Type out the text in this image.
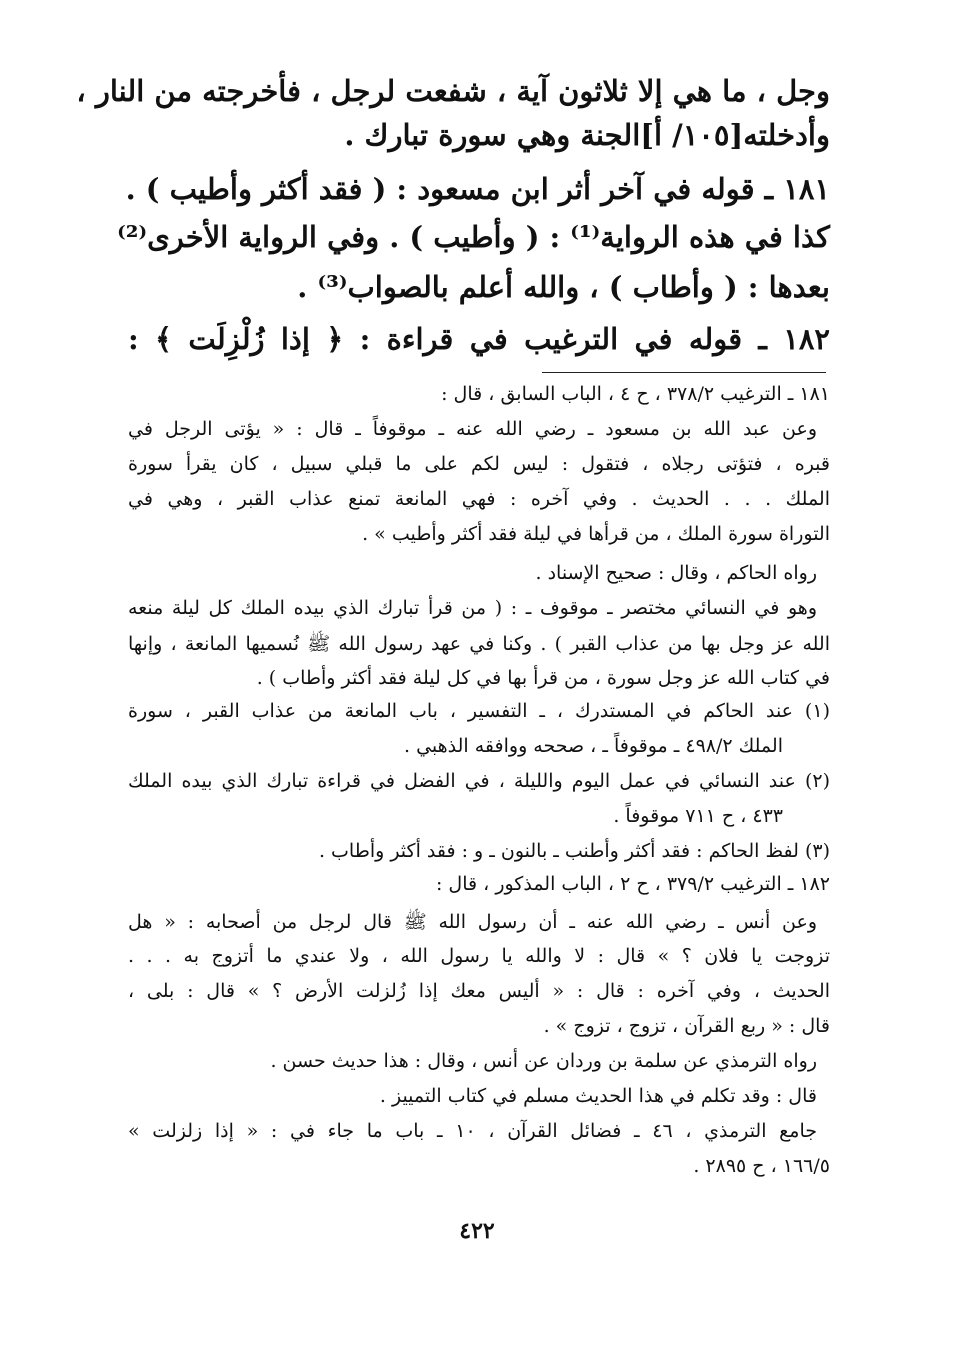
وجل ، ما هي إلا ثلاثون آية ، شفعت لرجل ، فأخرجته من النار ،
وأدخلته[١٠٥/ أ]الجنة وهي سورة تبارك .
١٨١ ـ قوله في آخر أثر ابن مسعود : ( فقد أكثر وأطيب ) .
كذا في هذه الرواية⁽¹⁾ : ( وأطيب ) . وفي الرواية الأخرى⁽²⁾
بعدها : ( وأطاب ) ، والله أعلم بالصواب⁽³⁾ .
١٨٢ ـ قوله في الترغيب في قراءة : ﴿ إذا زُلْزِلَت ﴾ :
١٨١ ـ الترغيب ٣٧٨/٢ ، ح ٤ ، الباب السابق ، قال :
وعن عبد الله بن مسعود ـ رضي الله عنه ـ موقوفاً ـ قال : « يؤتى الرجل في
قبره ، فتؤتى رجلاه ، فتقول : ليس لكم على ما قبلي سبيل ، كان يقرأ سورة
الملك . . . الحديث . وفي آخره : فهي المانعة تمنع عذاب القبر ، وهي في
التوراة سورة الملك ، من قرأها في ليلة فقد أكثر وأطيب » .
رواه الحاكم ، وقال : صحيح الإسناد .
وهو في النسائي مختصر ـ موقوف ـ : ( من قرأ تبارك الذي بيده الملك كل ليلة منعه
الله عز وجل بها من عذاب القبر ) . وكنا في عهد رسول الله ﷺ نُسميها المانعة ، وإنها
في كتاب الله عز وجل سورة ، من قرأ بها في كل ليلة فقد أكثر وأطاب ) .
(١) عند الحاكم في المستدرك ، ـ التفسير ، باب المانعة من عذاب القبر ، سورة
الملك ٤٩٨/٢ ـ موقوفاً ـ ، صححه ووافقه الذهبي .
(٢) عند النسائي في عمل اليوم والليلة ، في الفضل في قراءة تبارك الذي بيده الملك
٤٣٣ ، ح ٧١١ موقوفاً .
(٣) لفظ الحاكم : فقد أكثر وأطنب ـ بالنون ـ و : فقد أكثر وأطاب .
١٨٢ ـ الترغيب ٣٧٩/٢ ، ح ٢ ، الباب المذكور ، قال :
وعن أنس ـ رضي الله عنه ـ أن رسول الله ﷺ قال لرجل من أصحابه : « هل
تزوجت يا فلان ؟ » قال : لا والله يا رسول الله ، ولا عندي ما أتزوج به . . .
الحديث ، وفي آخره : قال : « أليس معك إذا زُلزلت الأرض ؟ » قال : بلى ،
قال : « ربع القرآن ، تزوج ، تزوج » .
رواه الترمذي عن سلمة بن وردان عن أنس ، وقال : هذا حديث حسن .
قال : وقد تكلم في هذا الحديث مسلم في كتاب التمييز .
جامع الترمذي ، ٤٦ ـ فضائل القرآن ، ١٠ ـ باب ما جاء في : « إذا زلزلت »
١٦٦/٥ ، ح ٢٨٩٥ .
٤٢٢
